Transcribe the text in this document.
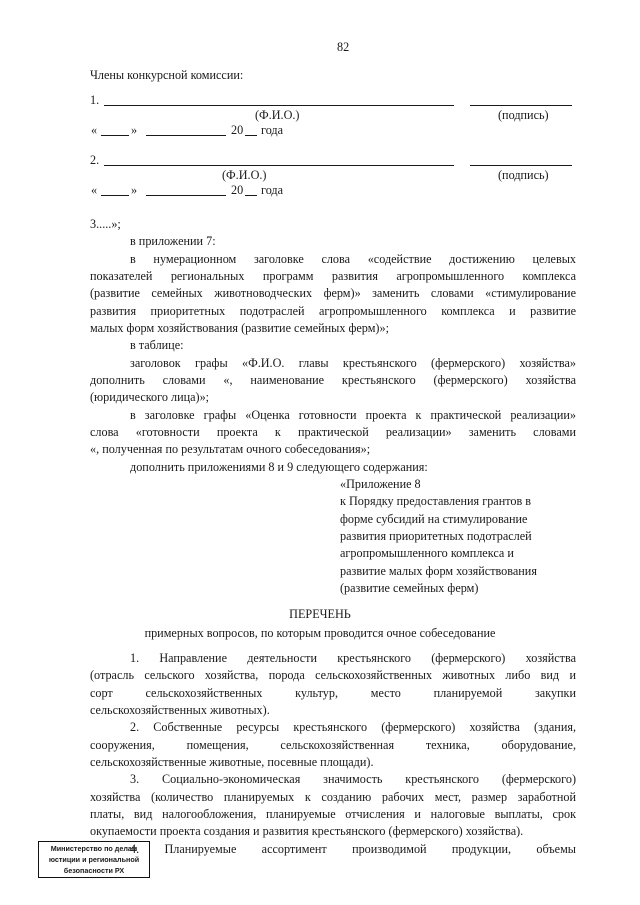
82
Члены конкурсной комиссии:
1.
(Ф.И.О.)	(подпись)
«	»	20 года
2.
(Ф.И.О.)	(подпись)
«	»	20 года
3.....»;
в приложении 7:
в нумерационном заголовке слова «содействие достижению целевых
показателей региональных программ развития агропромышленного комплекса
(развитие семейных животноводческих ферм)» заменить словами «стимулирование
развития приоритетных подотраслей агропромышленного комплекса и развитие
малых форм хозяйствования (развитие семейных ферм)»;
в таблице:
заголовок графы «Ф.И.О. главы крестьянского (фермерского) хозяйства»
дополнить словами «, наименование крестьянского (фермерского) хозяйства
(юридического лица)»;
в заголовке графы «Оценка готовности проекта к практической реализации»
слова «готовности проекта к практической реализации» заменить словами
«, полученная по результатам очного собеседования»;
дополнить приложениями 8 и 9 следующего содержания:
«Приложение 8
к Порядку предоставления грантов в
форме субсидий на стимулирование
развития приоритетных подотраслей
агропромышленного комплекса и
развитие малых форм хозяйствования
(развитие семейных ферм)
ПЕРЕЧЕНЬ
примерных вопросов, по которым проводится очное собеседование
1. Направление деятельности крестьянского (фермерского) хозяйства
(отрасль сельского хозяйства, порода сельскохозяйственных животных либо вид и
сорт сельскохозяйственных культур, место планируемой закупки
сельскохозяйственных животных).
2. Собственные ресурсы крестьянского (фермерского) хозяйства (здания,
сооружения, помещения, сельскохозяйственная техника, оборудование,
сельскохозяйственные животные, посевные площади).
3. Социально-экономическая значимость крестьянского (фермерского)
хозяйства (количество планируемых к созданию рабочих мест, размер заработной
платы, вид налогообложения, планируемые отчисления и налоговые выплаты, срок
окупаемости проекта создания и развития крестьянского (фермерского) хозяйства).
4. Планируемые ассортимент производимой продукции, объемы
Министерство по делам
юстиции и региональной
безопасности РХ
